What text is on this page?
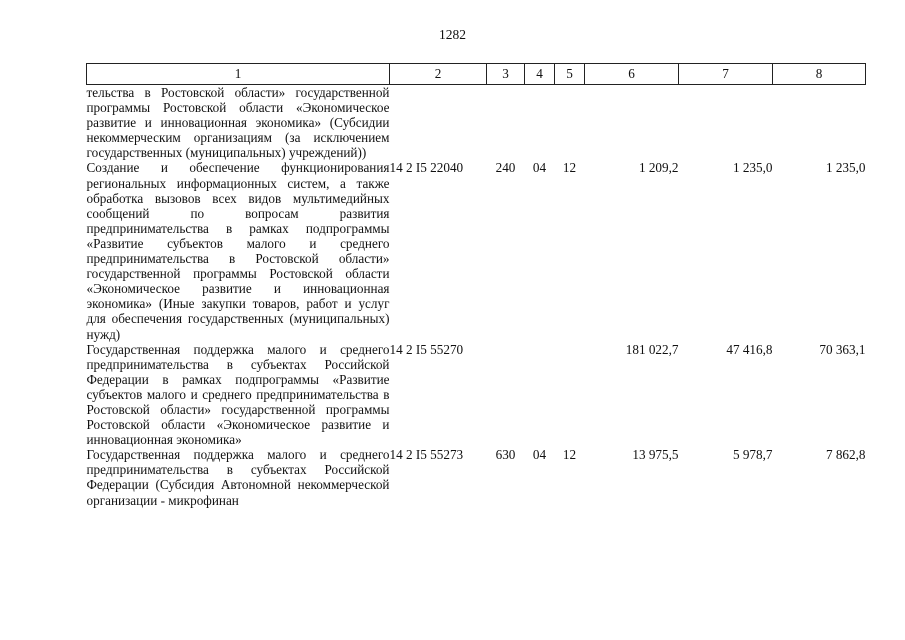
1282
1	2	3	4	5	6	7	8
тельства в Ростовской области» государственной программы Ростовской области «Экономическое развитие и инновационная экономика» (Субсидии некоммерческим организациям (за исключением государственных (муниципальных) учреждений))							
Создание и обеспечение функционирования региональных информационных систем, а также обработка вызовов всех видов мультимедийных сообщений по вопросам развития предпринимательства в рамках подпрограммы «Развитие субъектов малого и среднего предпринимательства в Ростовской области» государственной программы Ростовской области «Экономическое развитие и инновационная экономика» (Иные закупки товаров, работ и услуг для обеспечения государственных (муниципальных) нужд)	14 2 I5 22040	240	04	12	1 209,2	1 235,0	1 235,0
Государственная поддержка малого и среднего предпринимательства в субъектах Российской Федерации в рамках подпрограммы «Развитие субъектов малого и среднего предпринимательства в Ростовской области» государственной программы Ростовской области «Экономическое развитие и инновационная экономика»	14 2 I5 55270				181 022,7	47 416,8	70 363,1
Государственная поддержка малого и среднего предпринимательства в субъектах Российской Федерации (Субсидия Автономной некоммерческой организации - микрофинан	14 2 I5 55273	630	04	12	13 975,5	5 978,7	7 862,8
